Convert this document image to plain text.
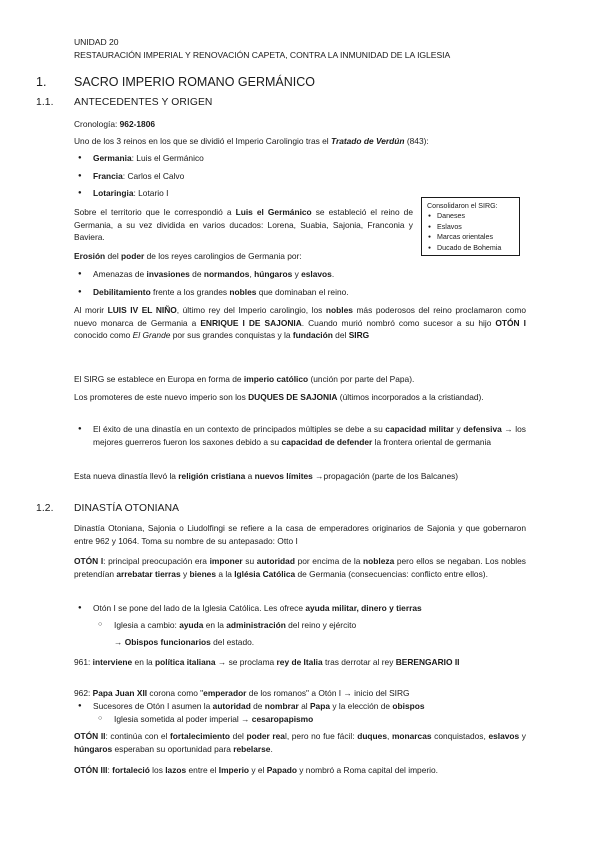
UNIDAD 20
RESTAURACIÓN IMPERIAL Y RENOVACIÓN CAPETA, CONTRA LA INMUNIDAD DE LA IGLESIA
1. SACRO IMPERIO ROMANO GERMÁNICO
1.1. ANTECEDENTES Y ORIGEN
Cronología: 962-1806
Uno de los 3 reinos en los que se dividió el Imperio Carolingio tras el Tratado de Verdún (843):
● Germania: Luis el Germánico
● Francia: Carlos el Calvo
● Lotaringia: Lotario I
Consolidaron el SIRG:
● Daneses
● Eslavos
● Marcas orientales
● Ducado de Bohemia

Sobre el territorio que le correspondió a Luis el Germánico se estableció el reino de Germania, a su vez dividida en varios ducados: Lorena, Suabia, Sajonia, Franconia y Baviera.

Erosión del poder de los reyes carolingios de Germania por:

● Amenazas de invasiones de normandos, húngaros y eslavos.
● Debilitamiento frente a los grandes nobles que dominaban el reino.

Al morir LUIS IV EL NIÑO, último rey del Imperio carolingio, los nobles más poderosos del reino proclamaron como nuevo monarca de Germania a ENRIQUE I DE SAJONIA. Cuando murió nombró como sucesor a su hijo OTÓN I conocido como El Grande por sus grandes conquistas y la fundación del SIRG

El SIRG se establece en Europa en forma de imperio católico (unción por parte del Papa).

Los promoteres de este nuevo imperio son los DUQUES DE SAJONIA (últimos incorporados a la cristiandad).

● El éxito de una dinastía en un contexto de principados múltiples se debe a su capacidad militar y defensiva → los mejores guerreros fueron los saxones debido a su capacidad de defender la frontera oriental de germania

Esta nueva dinastía llevó la religión cristiana a nuevos límites →propagación (parte de los Balcanes)

1.2. DINASTÍA OTONIANA

Dinastía Otoniana, Sajonia o Liudolfingi se refiere a la casa de emperadores originarios de Sajonia y que gobernaron entre 962 y 1064. Toma su nombre de su antepasado: Otto I

OTÓN I: principal preocupación era imponer su autoridad por encima de la nobleza pero ellos se negaban. Los nobles pretendían arrebatar tierras y bienes a la Iglésia Católica de Germania (consecuencias: conflicto entre ellos).

● Otón I se pone del lado de la Iglesia Católica. Les ofrece ayuda militar, dinero y tierras
○ Iglesia a cambio: ayuda en la administración del reino y ejército

→ Obispos funcionarios del estado.

961: interviene en la política italiana → se proclama rey de Italia tras derrotar al rey BERENGARIO II

962: Papa Juan XII corona como "emperador de los romanos" a Otón I → inicio del SIRG

● Sucesores de Otón I asumen la autoridad de nombrar al Papa y la elección de obispos
○ Iglesia sometida al poder imperial → cesaropapismo

OTÓN II: continúa con el fortalecimiento del poder real, pero no fue fácil: duques, monarcas conquistados, eslavos y húngaros esperaban su oportunidad para rebelarse.

OTÓN III: fortaleció los lazos entre el Imperio y el Papado y nombró a Roma capital del imperio.
